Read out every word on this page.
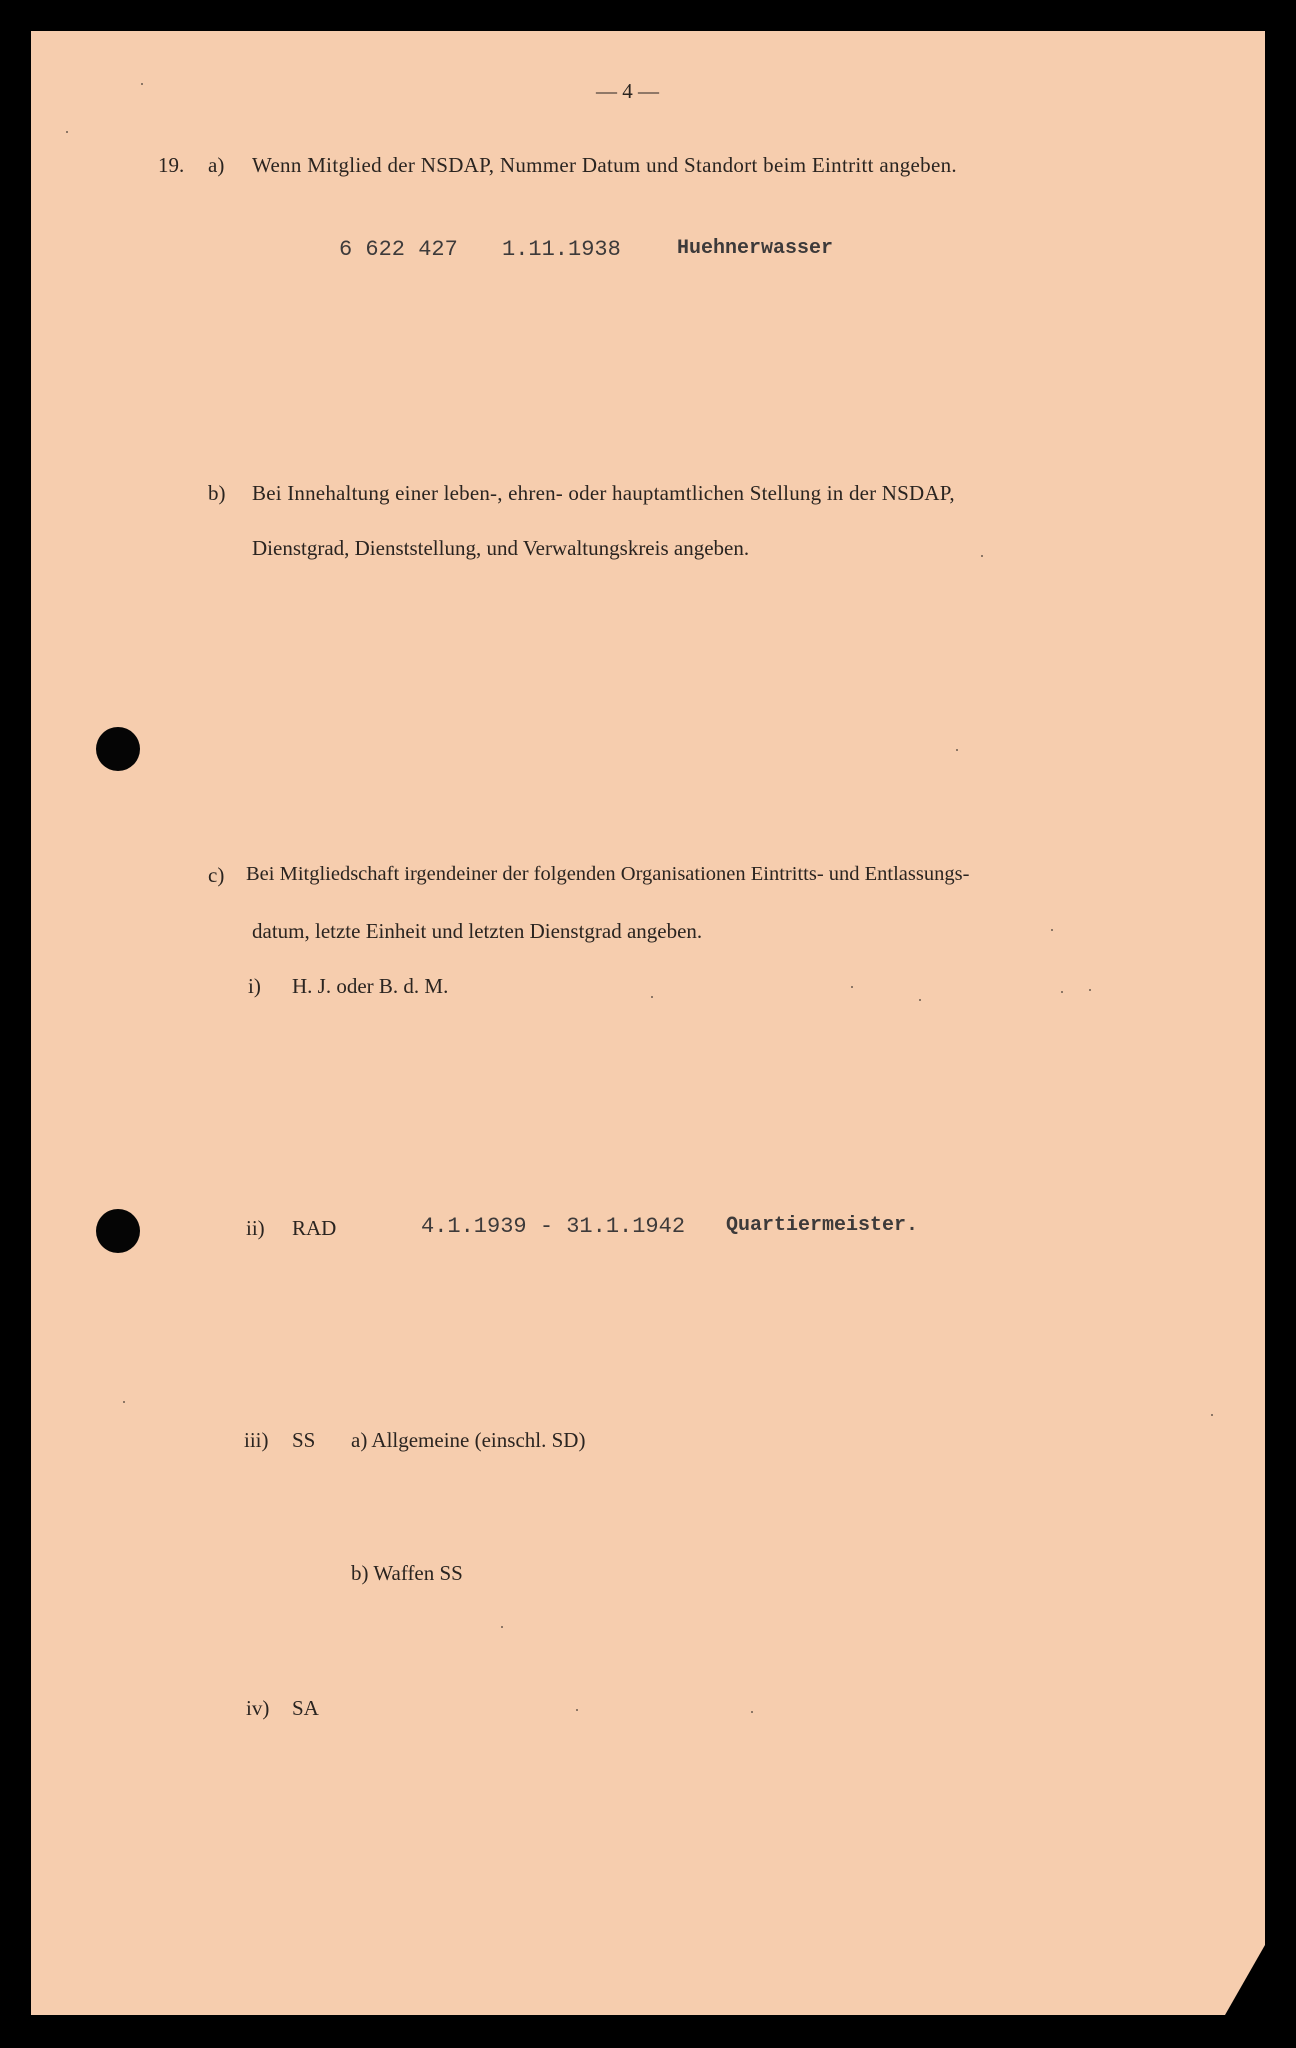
— 4 —
19. a) Wenn Mitglied der NSDAP, Nummer Datum und Standort beim Eintritt angeben.
6 622 427 1.11.1938	Huehnerwasser
b) Bei Innehaltung einer leben-, ehren- oder hauptamtlichen Stellung in der NSDAP,
Dienstgrad, Dienststellung, und Verwaltungskreis angeben.
c) Bei Mitgliedschaft irgendeiner der folgenden Organisationen Eintritts- und Entlassungs-
datum, letzte Einheit und letzten Dienstgrad angeben.
i) H. J. oder B. d. M.
ii) RAD	4.1.1939 - 31.1.1942 Quartiermeister.
iii) SS a) Allgemeine (einschl. SD)
b) Waffen SS
iv) SA
